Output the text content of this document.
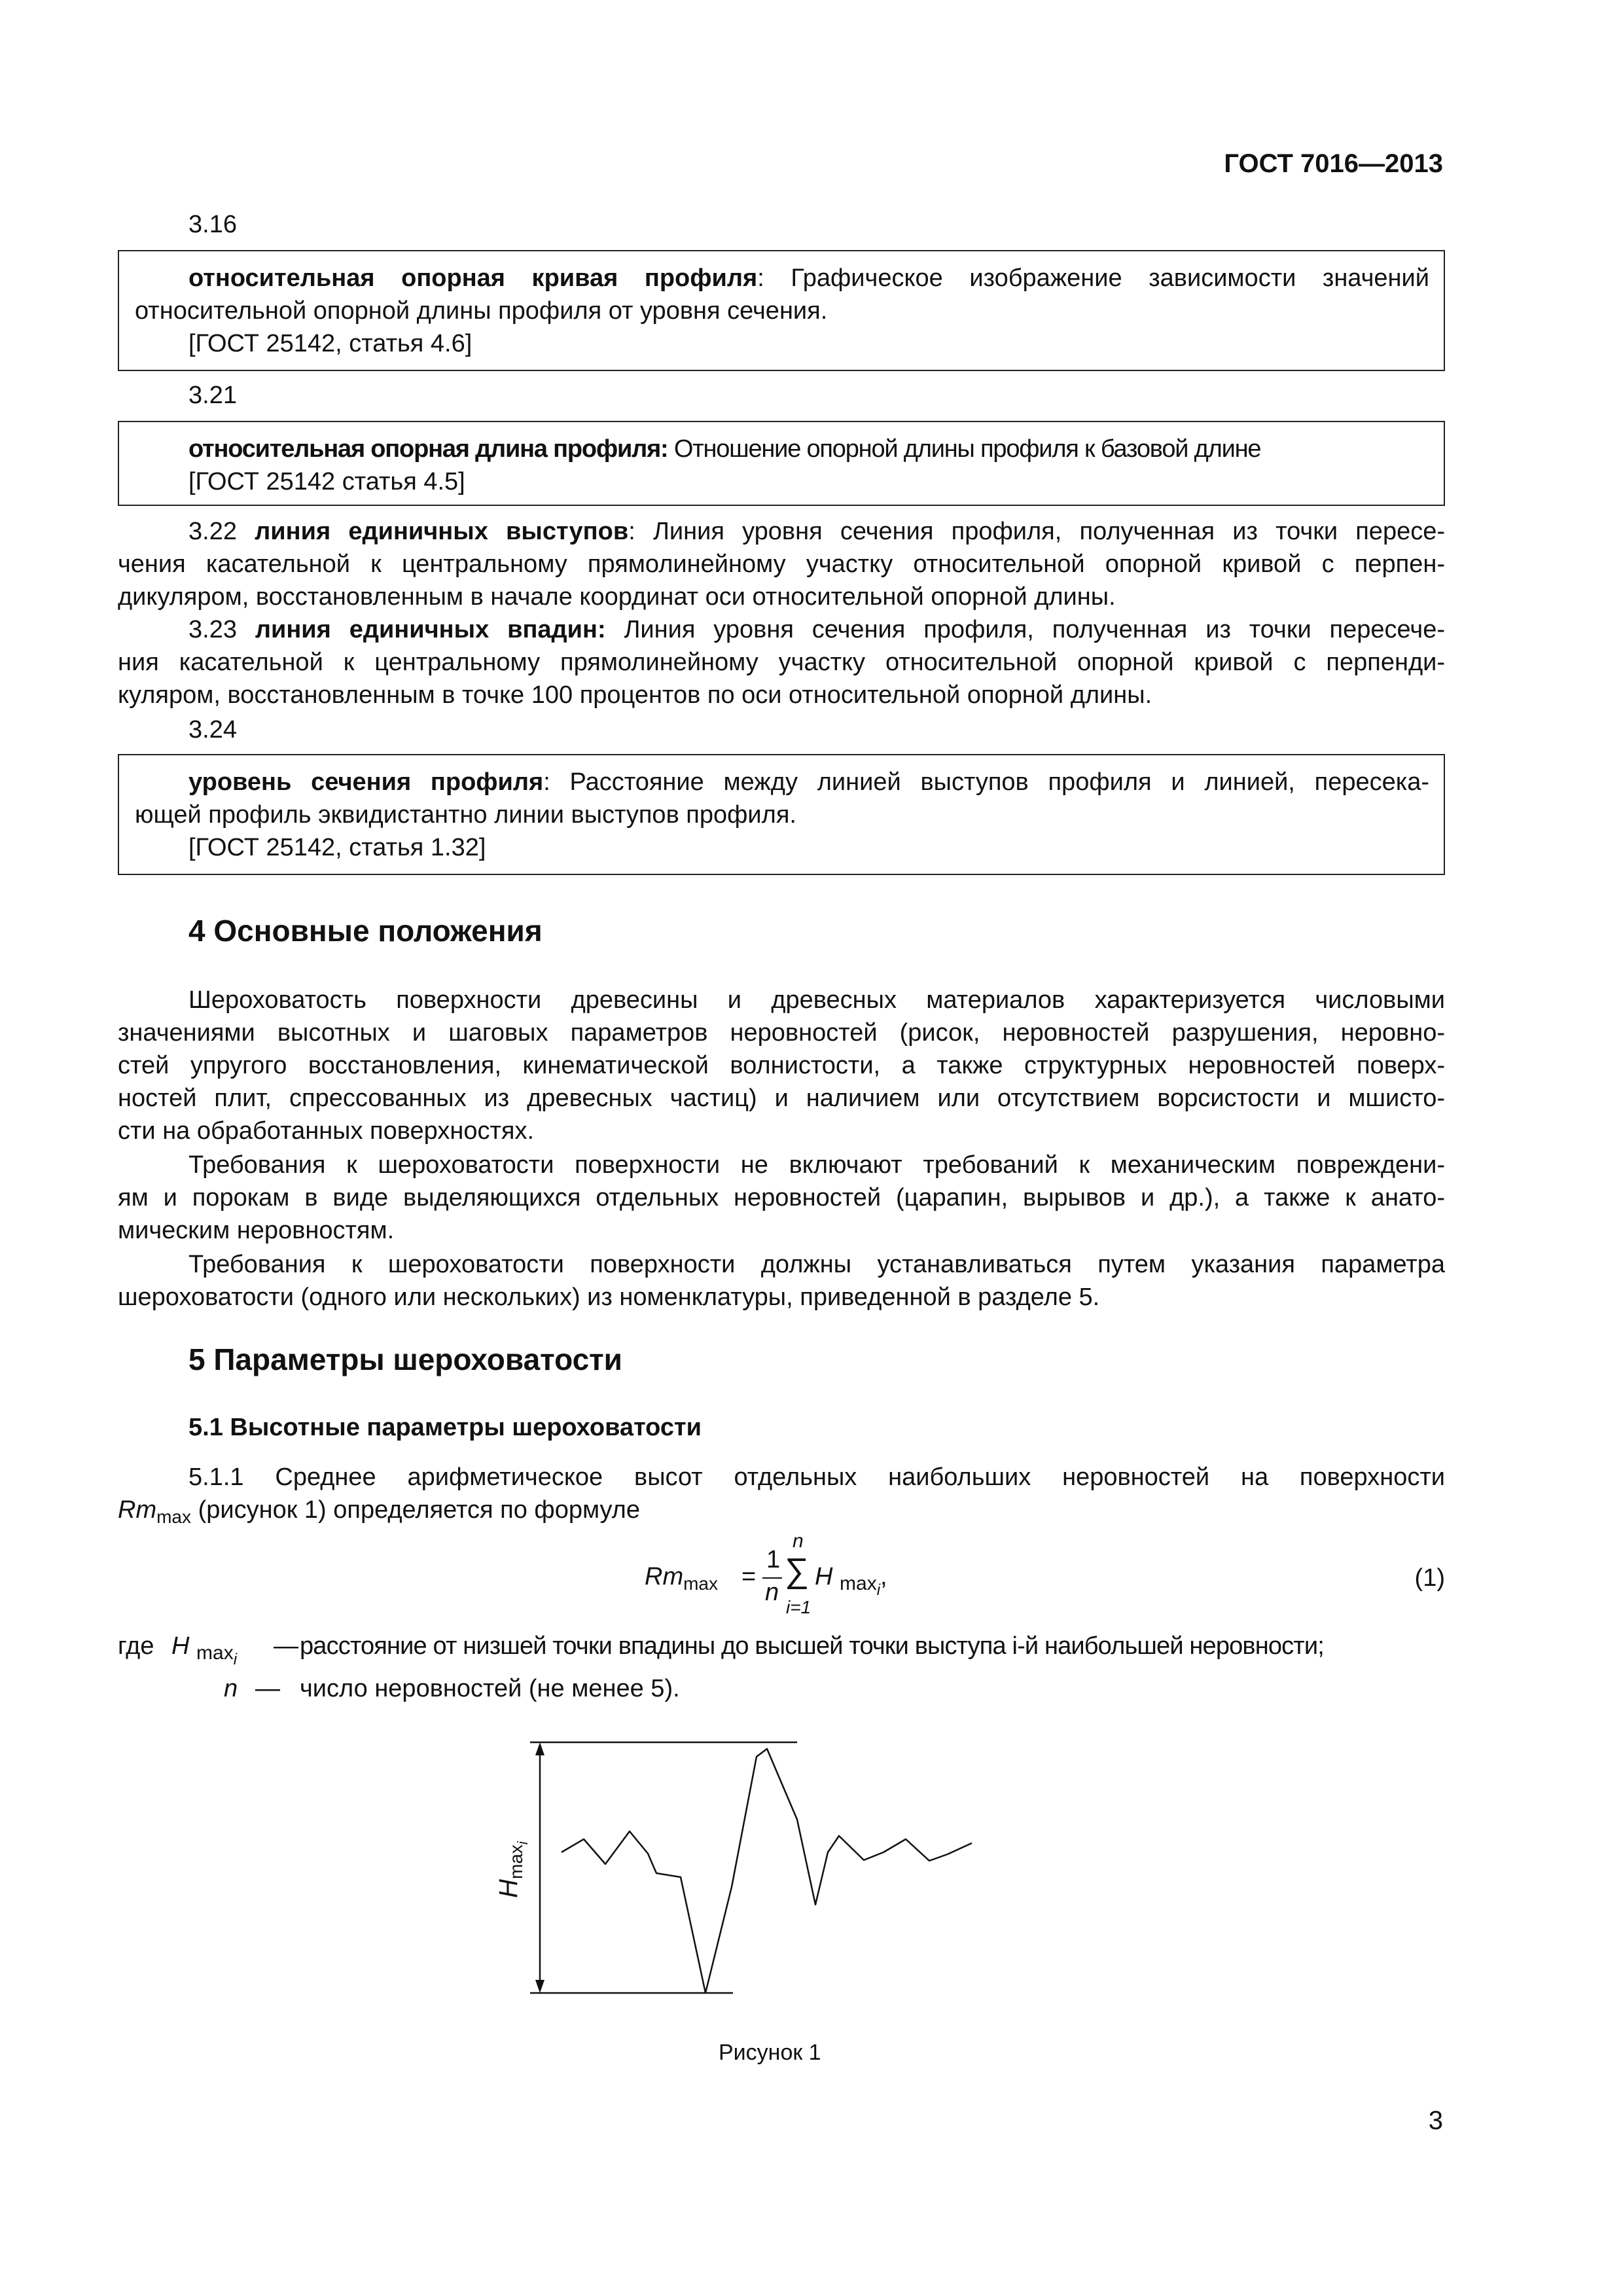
ГОСТ 7016—2013
3.16
относительная опорная кривая профиля: Графическое изображение зависимости значений
относительной опорной длины профиля от уровня сечения.
[ГОСТ 25142, статья 4.6]
3.21
относительная опорная длина профиля: Отношение опорной длины профиля к базовой длине
[ГОСТ 25142 статья 4.5]
3.22 линия единичных выступов: Линия уровня сечения профиля, полученная из точки пересе-
чения касательной к центральному прямолинейному участку относительной опорной кривой с перпен-
дикуляром, восстановленным в начале координат оси относительной опорной длины.
3.23 линия единичных впадин: Линия уровня сечения профиля, полученная из точки пересече-
ния касательной к центральному прямолинейному участку относительной опорной кривой с перпенди-
куляром, восстановленным в точке 100 процентов по оси относительной опорной длины.
3.24
уровень сечения профиля: Расстояние между линией выступов профиля и линией, пересека-
ющей профиль эквидистантно линии выступов профиля.
[ГОСТ 25142, статья 1.32]
4 Основные положения
Шероховатость поверхности древесины и древесных материалов характеризуется числовыми
значениями высотных и шаговых параметров неровностей (рисок, неровностей разрушения, неровно-
стей упругого восстановления, кинематической волнистости, а также структурных неровностей поверх-
ностей плит, спрессованных из древесных частиц) и наличием или отсутствием ворсистости и мшисто-
сти на обработанных поверхностях.
Требования к шероховатости поверхности не включают требований к механическим повреждени-
ям и порокам в виде выделяющихся отдельных неровностей (царапин, вырывов и др.), а также к анато-
мическим неровностям.
Требования к шероховатости поверхности должны устанавливаться путем указания параметра
шероховатости (одного или нескольких) из номенклатуры, приведенной в разделе 5.
5 Параметры шероховатости
5.1 Высотные параметры шероховатости
5.1.1 Среднее арифметическое высот отдельных наибольших неровностей на поверхности
$Rm_{max}$ (рисунок 1) определяется по формуле
$Rm_{max}$ =
1
n
n
∑
i=1
H $_{max_i}$,	(1)
где H $_{max_i}$ — расстояние от низшей точки впадины до высшей точки выступа i-й наибольшей неровности;
n — число неровностей (не менее 5).
$H_{maxi}$
Рисунок 1
3
